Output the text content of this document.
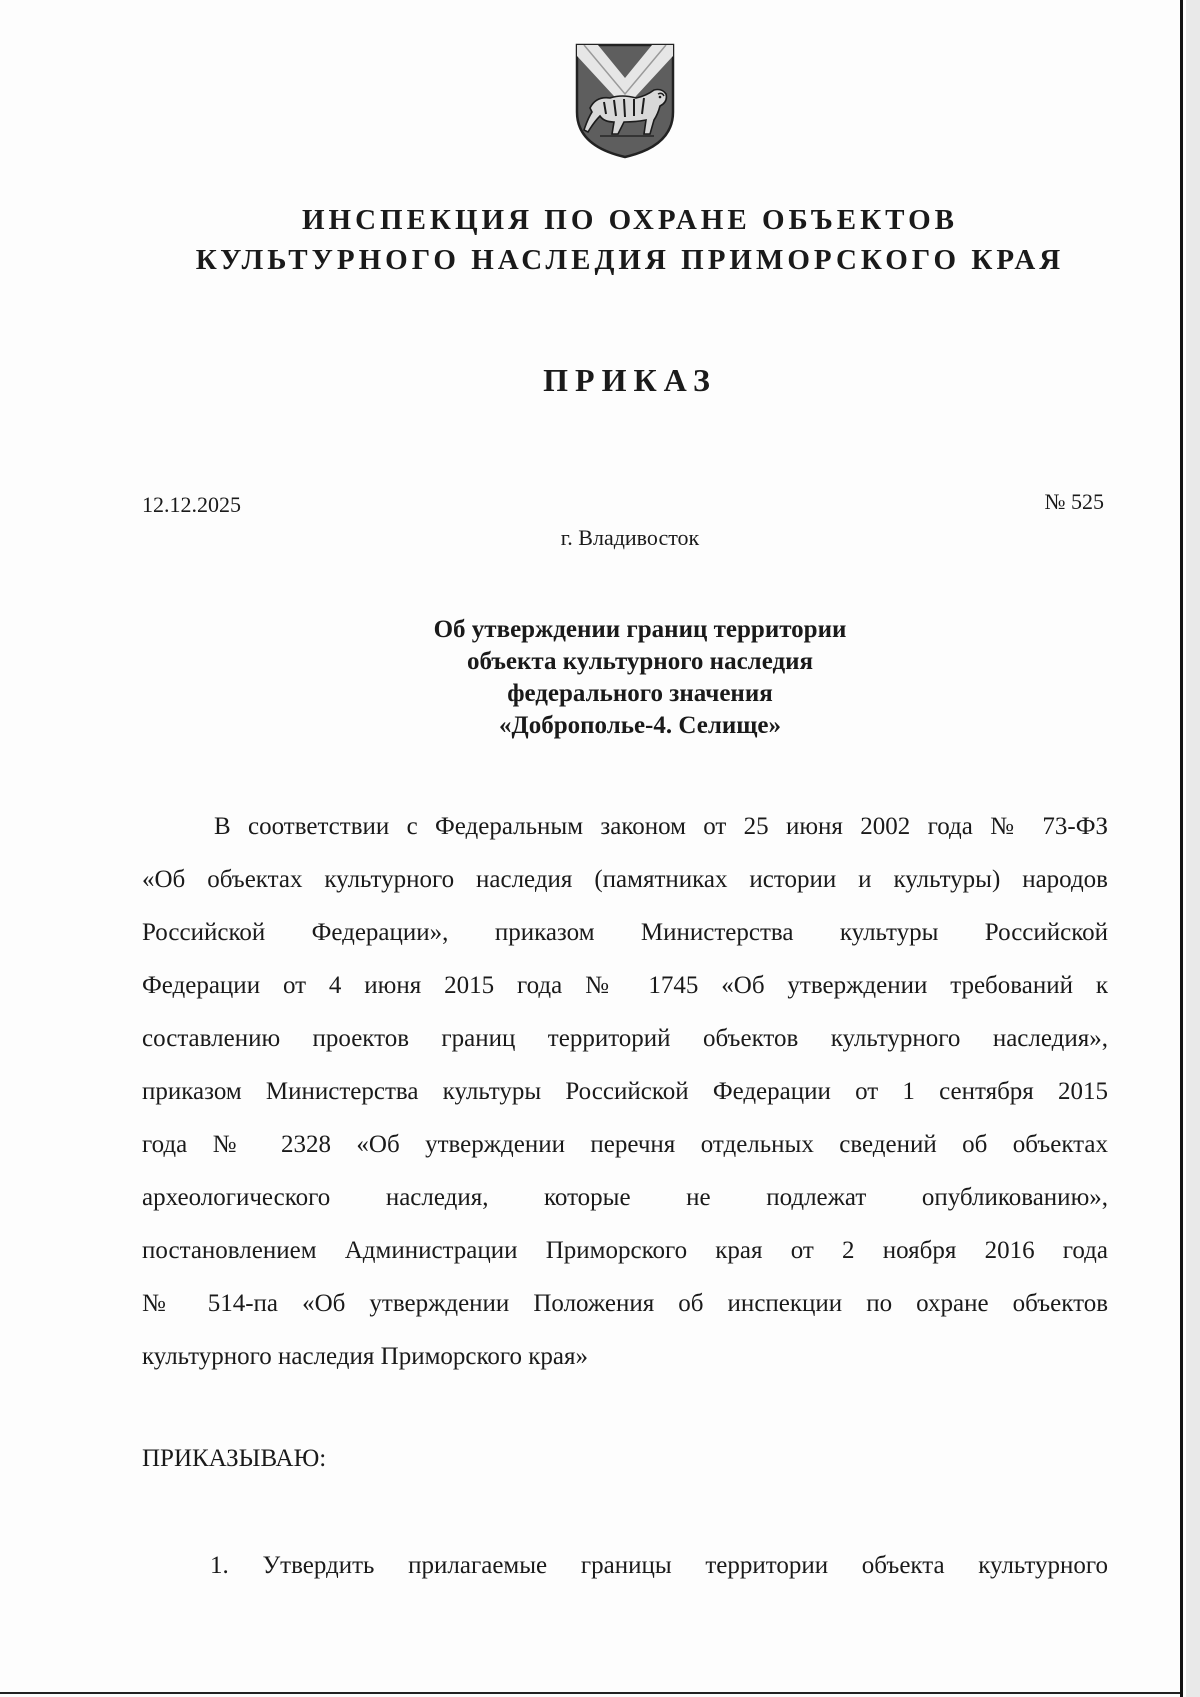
ИНСПЕКЦИЯ ПО ОХРАНЕ ОБЪЕКТОВ
КУЛЬТУРНОГО НАСЛЕДИЯ ПРИМОРСКОГО КРАЯ
ПРИКАЗ
12.12.2025	№ 525
г. Владивосток
Об утверждении границ территории
объекта культурного наследия
федерального значения
«Доброполье-4. Селище»
В соответствии с Федеральным законом от 25 июня 2002 года № 73-ФЗ
«Об объектах культурного наследия (памятниках истории и культуры) народов
Российской Федерации», приказом Министерства культуры Российской
Федерации от 4 июня 2015 года № 1745 «Об утверждении требований к
составлению проектов границ территорий объектов культурного наследия»,
приказом Министерства культуры Российской Федерации от 1 сентября 2015
года № 2328 «Об утверждении перечня отдельных сведений об объектах
археологического наследия, которые не подлежат опубликованию»,
постановлением Администрации Приморского края от 2 ноября 2016 года
№ 514-па «Об утверждении Положения об инспекции по охране объектов
культурного наследия Приморского края»
ПРИКАЗЫВАЮ:
1. Утвердить прилагаемые границы территории объекта культурного
